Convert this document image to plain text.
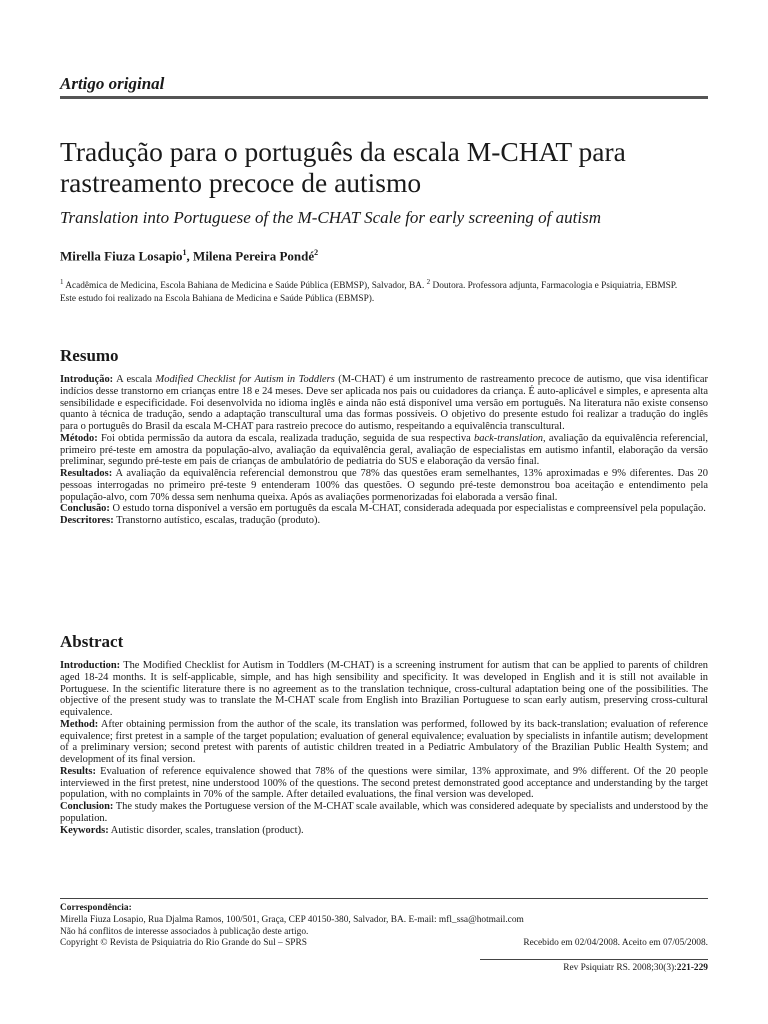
Artigo original
Tradução para o português da escala M-CHAT para rastreamento precoce de autismo
Translation into Portuguese of the M-CHAT Scale for early screening of autism
Mirella Fiuza Losapio$^1$, Milena Pereira Pondé$^2$
$^1$ Acadêmica de Medicina, Escola Bahiana de Medicina e Saúde Pública (EBMSP), Salvador, BA. $^2$ Doutora. Professora adjunta, Farmacologia e Psiquiatria, EBMSP.
Este estudo foi realizado na Escola Bahiana de Medicina e Saúde Pública (EBMSP).
Resumo

Introdução: A escala Modified Checklist for Autism in Toddlers (M-CHAT) é um instrumento de rastreamento precoce de autismo, que visa identificar indícios desse transtorno em crianças entre 18 e 24 meses. Deve ser aplicada nos pais ou cuidadores da criança. É auto-aplicável e simples, e apresenta alta sensibilidade e especificidade. Foi desenvolvida no idioma inglês e ainda não está disponível uma versão em português. Na literatura não existe consenso quanto à técnica de tradução, sendo a adaptação transcultural uma das formas possíveis. O objetivo do presente estudo foi realizar a tradução do inglês para o português do Brasil da escala M-CHAT para rastreio precoce do autismo, respeitando a equivalência transcultural.

Método: Foi obtida permissão da autora da escala, realizada tradução, seguida de sua respectiva back-translation, avaliação da equivalência referencial, primeiro pré-teste em amostra da população-alvo, avaliação da equivalência geral, avaliação de especialistas em autismo infantil, elaboração da versão preliminar, segundo pré-teste em pais de crianças de ambulatório de pediatria do SUS e elaboração da versão final.

Resultados: A avaliação da equivalência referencial demonstrou que 78% das questões eram semelhantes, 13% aproximadas e 9% diferentes. Das 20 pessoas interrogadas no primeiro pré-teste 9 entenderam 100% das questões. O segundo pré-teste demonstrou boa aceitação e entendimento pela população-alvo, com 70% dessa sem nenhuma queixa. Após as avaliações pormenorizadas foi elaborada a versão final.

Conclusão: O estudo torna disponível a versão em português da escala M-CHAT, considerada adequada por especialistas e compreensível pela população.

Descritores: Transtorno autístico, escalas, tradução (produto).

Abstract

Introduction: The Modified Checklist for Autism in Toddlers (M-CHAT) is a screening instrument for autism that can be applied to parents of children aged 18-24 months. It is self-applicable, simple, and has high sensibility and specificity. It was developed in English and it is still not available in Portuguese. In the scientific literature there is no agreement as to the translation technique, cross-cultural adaptation being one of the possibilities. The objective of the present study was to translate the M-CHAT scale from English into Brazilian Portuguese to scan early autism, preserving cross-cultural equivalence.

Method: After obtaining permission from the author of the scale, its translation was performed, followed by its back-translation; evaluation of reference equivalence; first pretest in a sample of the target population; evaluation of general equivalence; evaluation by specialists in infantile autism; development of a preliminary version; second pretest with parents of autistic children treated in a Pediatric Ambulatory of the Brazilian Public Health System; and development of its final version.

Results: Evaluation of reference equivalence showed that 78% of the questions were similar, 13% approximate, and 9% different. Of the 20 people interviewed in the first pretest, nine understood 100% of the questions. The second pretest demonstrated good acceptance and understanding by the target population, with no complaints in 70% of the sample. After detailed evaluations, the final version was developed.

Conclusion: The study makes the Portuguese version of the M-CHAT scale available, which was considered adequate by specialists and understood by the population.

Keywords: Autistic disorder, scales, translation (product).

Correspondência:
Mirella Fiuza Losapio, Rua Djalma Ramos, 100/501, Graça, CEP 40150-380, Salvador, BA. E-mail: mfl_ssa@hotmail.com
Não há conflitos de interesse associados à publicação deste artigo.
Copyright © Revista de Psiquiatria do Rio Grande do Sul – SPRS	Recebido em 02/04/2008. Aceito em 07/05/2008.
Rev Psiquiatr RS. 2008;30(3):221-229
